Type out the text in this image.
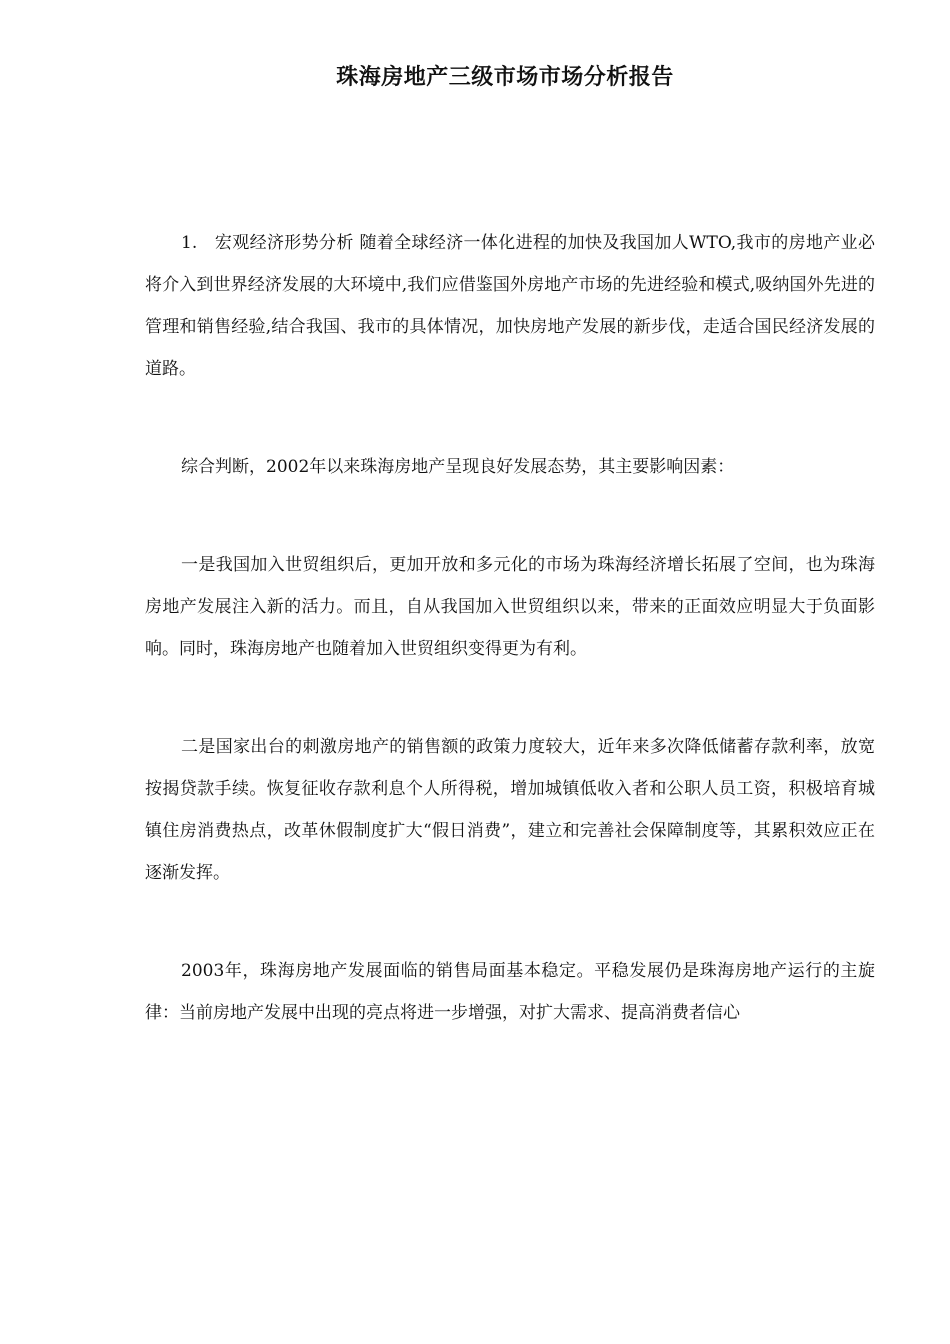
珠海房地产三级市场市场分析报告

1.　宏观经济形势分析 随着全球经济一体化进程的加快及我国加人WTO,我市的房地产业必将介入到世界经济发展的大环境中,我们应借鉴国外房地产市场的先进经验和模式,吸纳国外先进的管理和销售经验,结合我国、我市的具体情况，加快房地产发展的新步伐，走适合国民经济发展的道路。

综合判断，2002年以来珠海房地产呈现良好发展态势，其主要影响因素：

一是我国加入世贸组织后，更加开放和多元化的市场为珠海经济增长拓展了空间，也为珠海房地产发展注入新的活力。而且，自从我国加入世贸组织以来，带来的正面效应明显大于负面影响。同时，珠海房地产也随着加入世贸组织变得更为有利。

二是国家出台的刺激房地产的销售额的政策力度较大，近年来多次降低储蓄存款利率，放宽按揭贷款手续。恢复征收存款利息个人所得税，增加城镇低收入者和公职人员工资，积极培育城镇住房消费热点，改革休假制度扩大“假日消费”，建立和完善社会保障制度等，其累积效应正在逐渐发挥。

2003年，珠海房地产发展面临的销售局面基本稳定。平稳发展仍是珠海房地产运行的主旋律：当前房地产发展中出现的亮点将进一步增强，对扩大需求、提高消费者信心
